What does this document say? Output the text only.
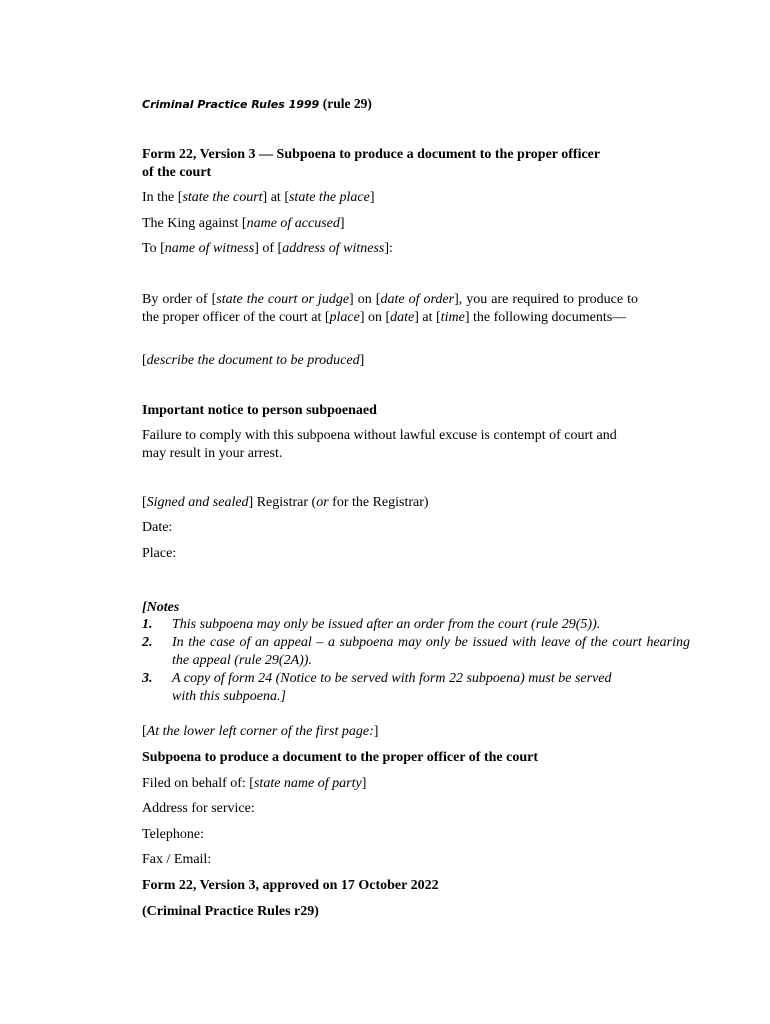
Criminal Practice Rules 1999 (rule 29)
Form 22, Version 3 — Subpoena to produce a document to the proper officer of the court
In the [state the court] at [state the place]
The King against [name of accused]
To [name of witness] of [address of witness]:
By order of [state the court or judge] on [date of order], you are required to produce to the proper officer of the court at [place] on [date] at [time] the following documents—
[describe the document to be produced]
Important notice to person subpoenaed
Failure to comply with this subpoena without lawful excuse is contempt of court and may result in your arrest.
[Signed and sealed] Registrar (or for the Registrar)
Date:
Place:
[Notes
1.	This subpoena may only be issued after an order from the court (rule 29(5)).
2.	In the case of an appeal – a subpoena may only be issued with leave of the court hearing the appeal (rule 29(2A)).
3.	A copy of form 24 (Notice to be served with form 22 subpoena) must be served with this subpoena.]
[At the lower left corner of the first page:]
Subpoena to produce a document to the proper officer of the court
Filed on behalf of: [state name of party]
Address for service:
Telephone:
Fax / Email:
Form 22, Version 3, approved on 17 October 2022
(Criminal Practice Rules r29)
